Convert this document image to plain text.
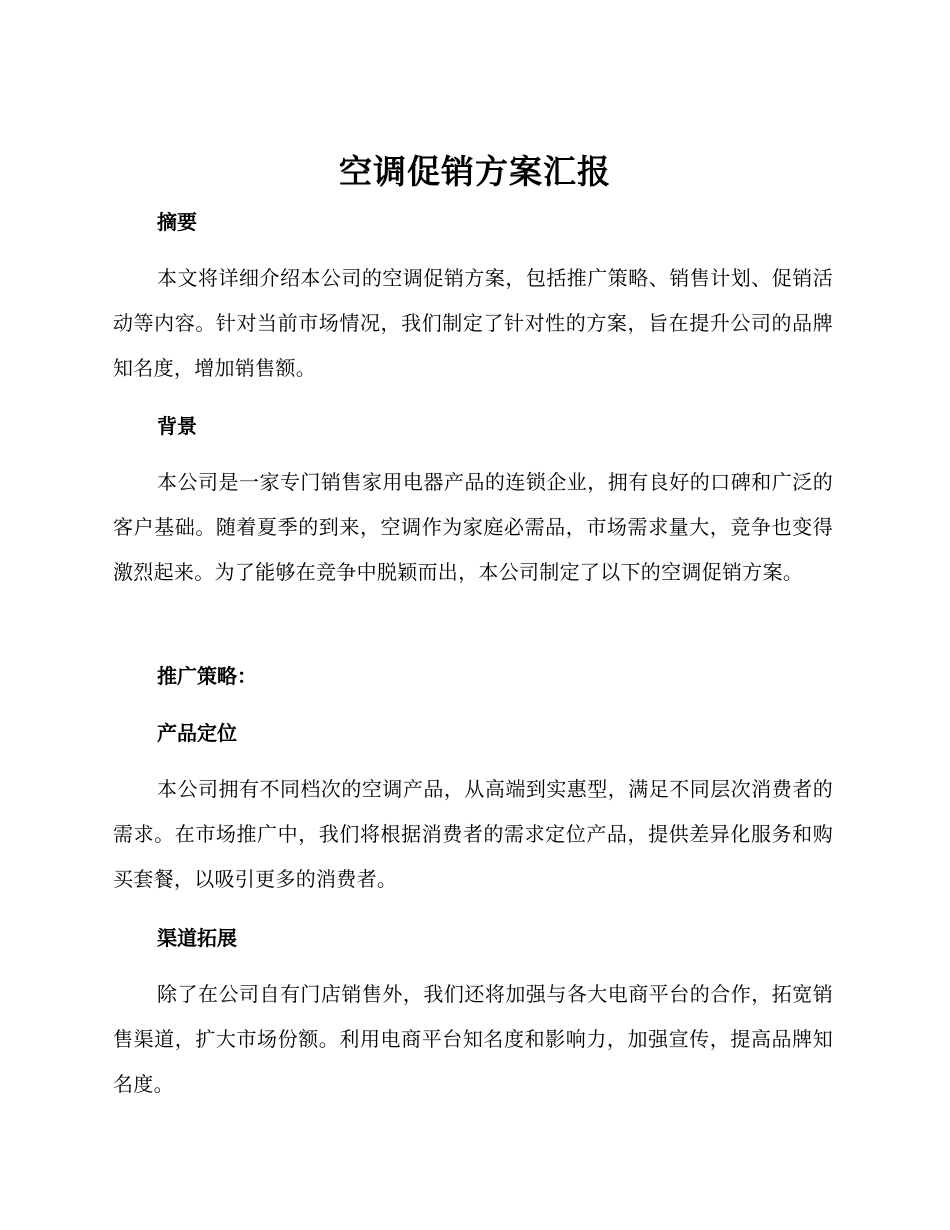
空调促销方案汇报
摘要
本文将详细介绍本公司的空调促销方案，包括推广策略、销售计划、促销活动等内容。针对当前市场情况，我们制定了针对性的方案，旨在提升公司的品牌知名度，增加销售额。
背景
本公司是一家专门销售家用电器产品的连锁企业，拥有良好的口碑和广泛的客户基础。随着夏季的到来，空调作为家庭必需品，市场需求量大，竞争也变得激烈起来。为了能够在竞争中脱颖而出，本公司制定了以下的空调促销方案。
推广策略：
产品定位
本公司拥有不同档次的空调产品，从高端到实惠型，满足不同层次消费者的需求。在市场推广中，我们将根据消费者的需求定位产品，提供差异化服务和购买套餐，以吸引更多的消费者。
渠道拓展
除了在公司自有门店销售外，我们还将加强与各大电商平台的合作，拓宽销售渠道，扩大市场份额。利用电商平台知名度和影响力，加强宣传，提高品牌知名度。
